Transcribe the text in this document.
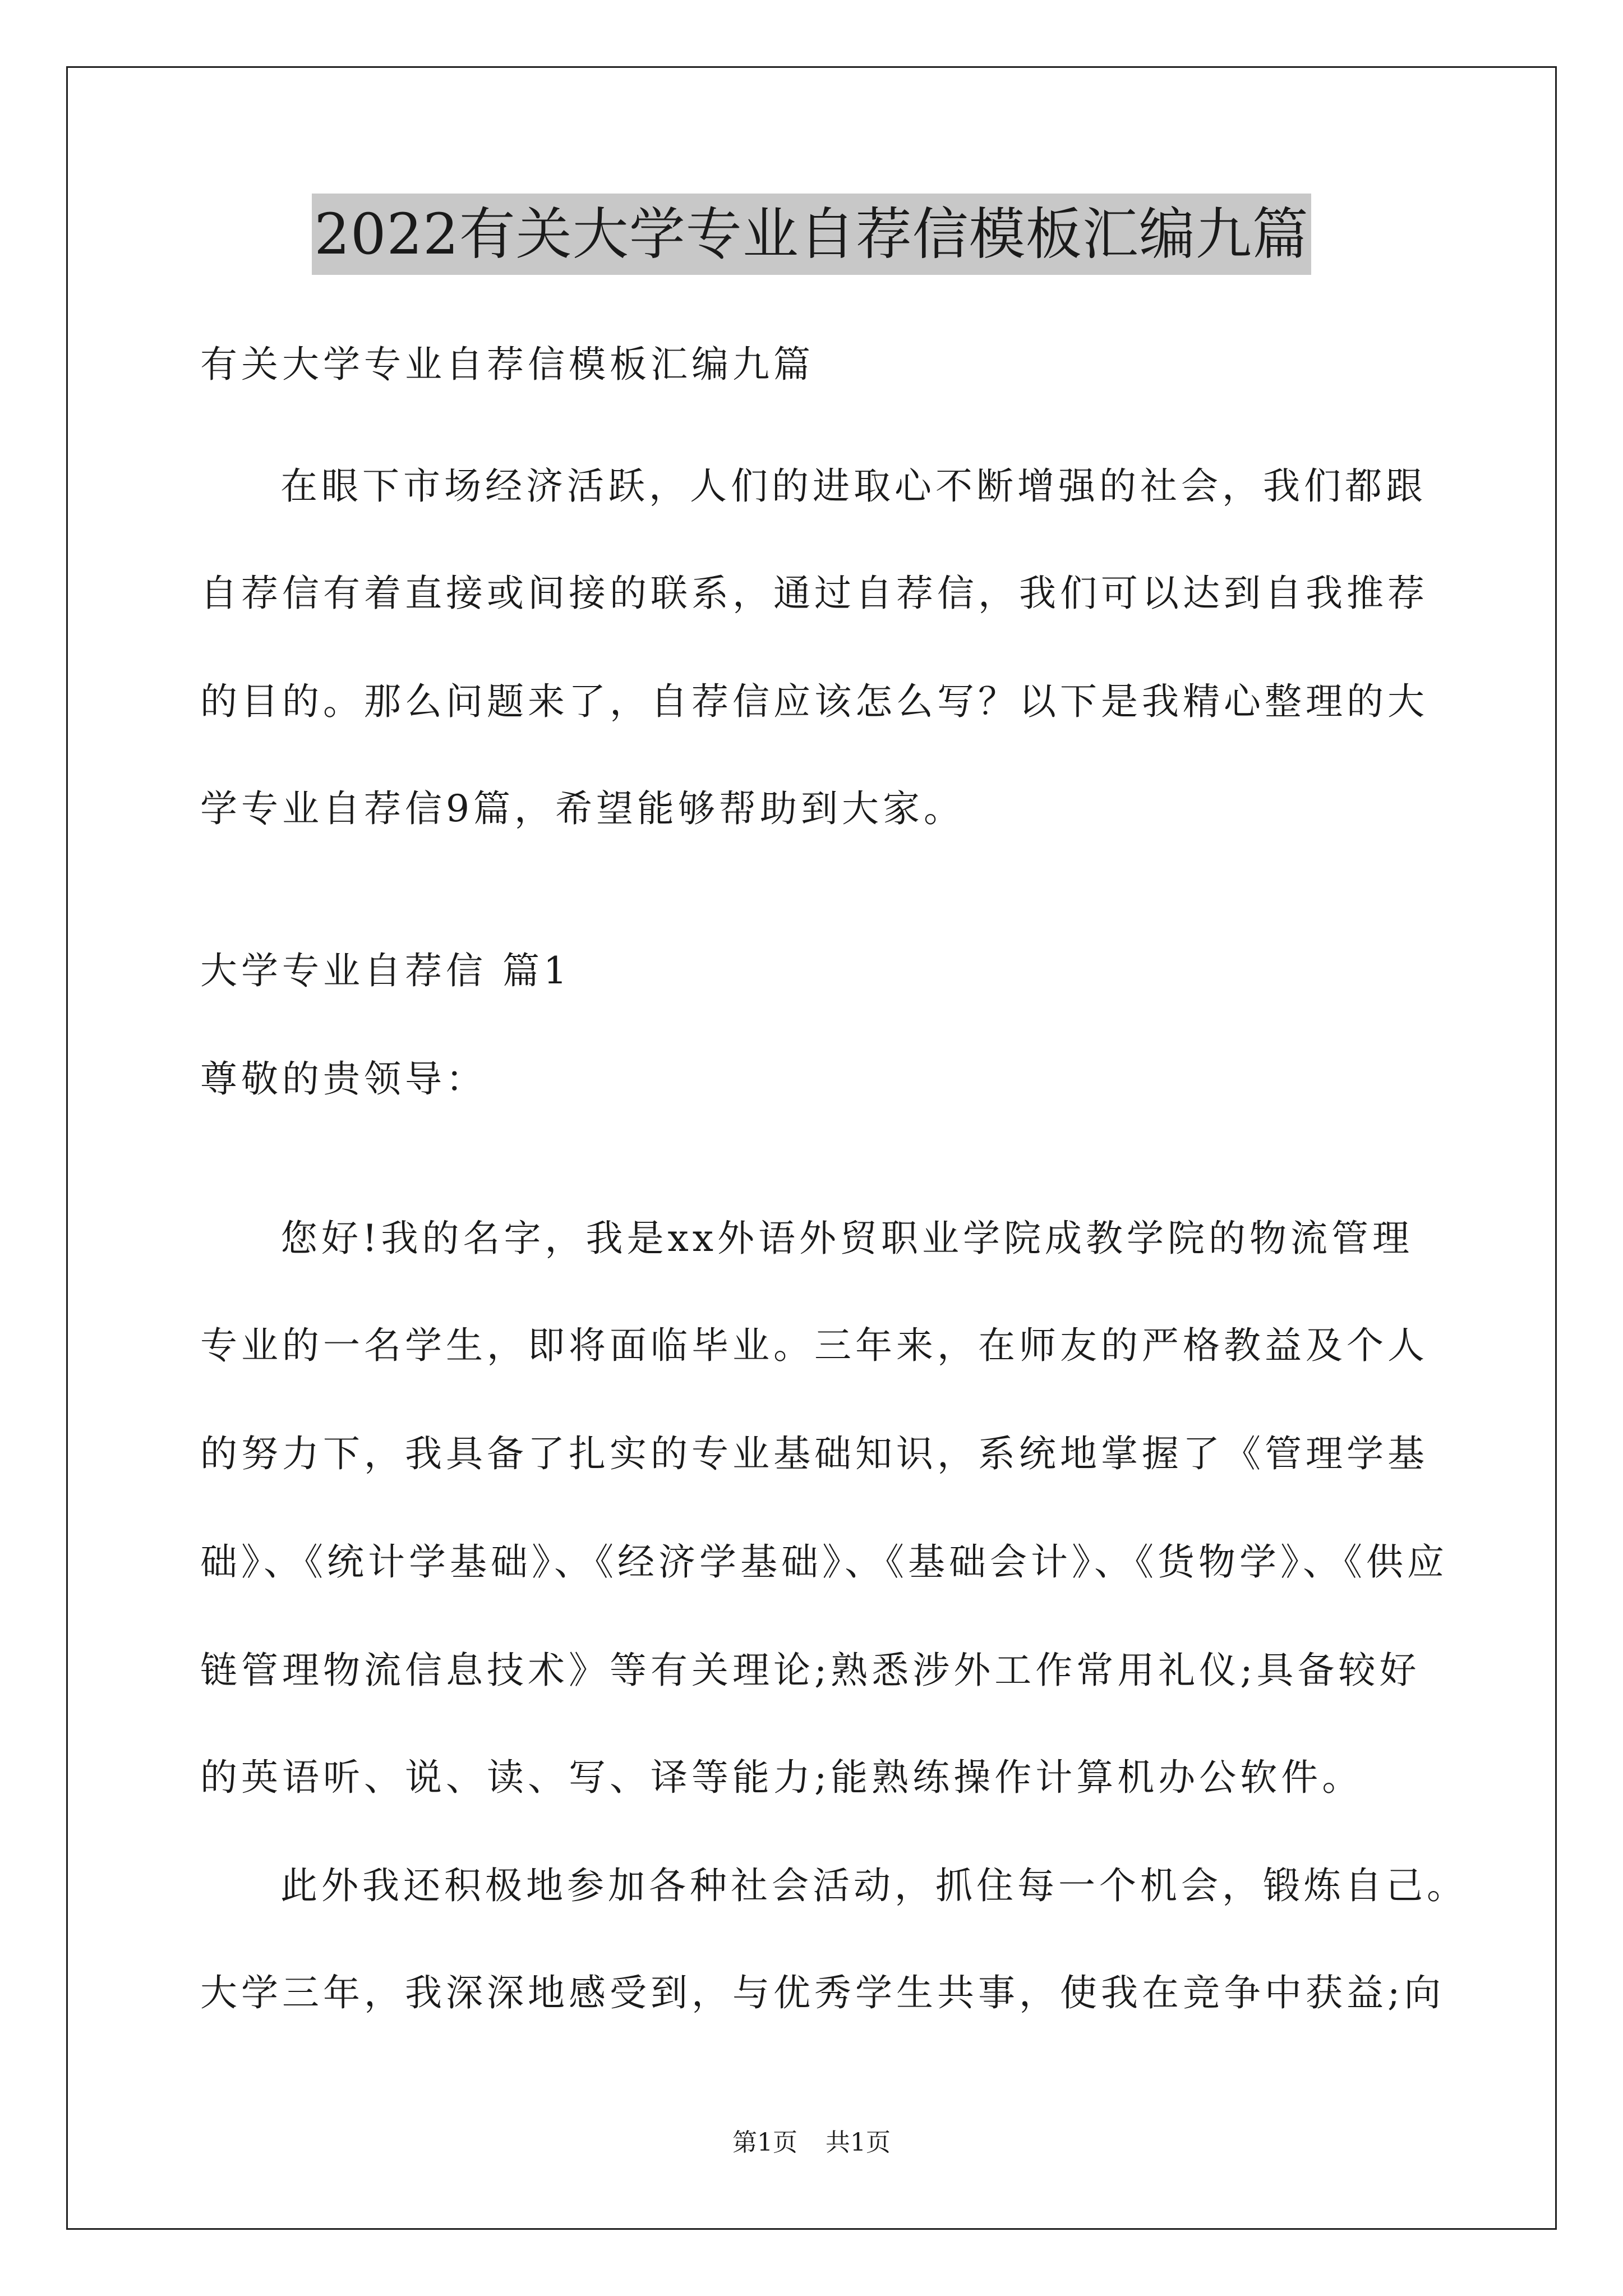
2022有关大学专业自荐信模板汇编九篇
有关大学专业自荐信模板汇编九篇
在眼下市场经济活跃，人们的进取心不断增强的社会，我们都跟
自荐信有着直接或间接的联系，通过自荐信，我们可以达到自我推荐
的目的。那么问题来了，自荐信应该怎么写？以下是我精心整理的大
学专业自荐信9篇，希望能够帮助到大家。
大学专业自荐信 篇1
尊敬的贵领导：
您好!我的名字，我是xx外语外贸职业学院成教学院的物流管理
专业的一名学生，即将面临毕业。三年来，在师友的严格教益及个人
的努力下，我具备了扎实的专业基础知识，系统地掌握了《管理学基
础》、《统计学基础》、《经济学基础》、《基础会计》、《货物学》、《供应
链管理物流信息技术》等有关理论;熟悉涉外工作常用礼仪;具备较好
的英语听、说、读、写、译等能力;能熟练操作计算机办公软件。
此外我还积极地参加各种社会活动，抓住每一个机会，锻炼自己。
大学三年，我深深地感受到，与优秀学生共事，使我在竞争中获益;向
第1页 共1页
